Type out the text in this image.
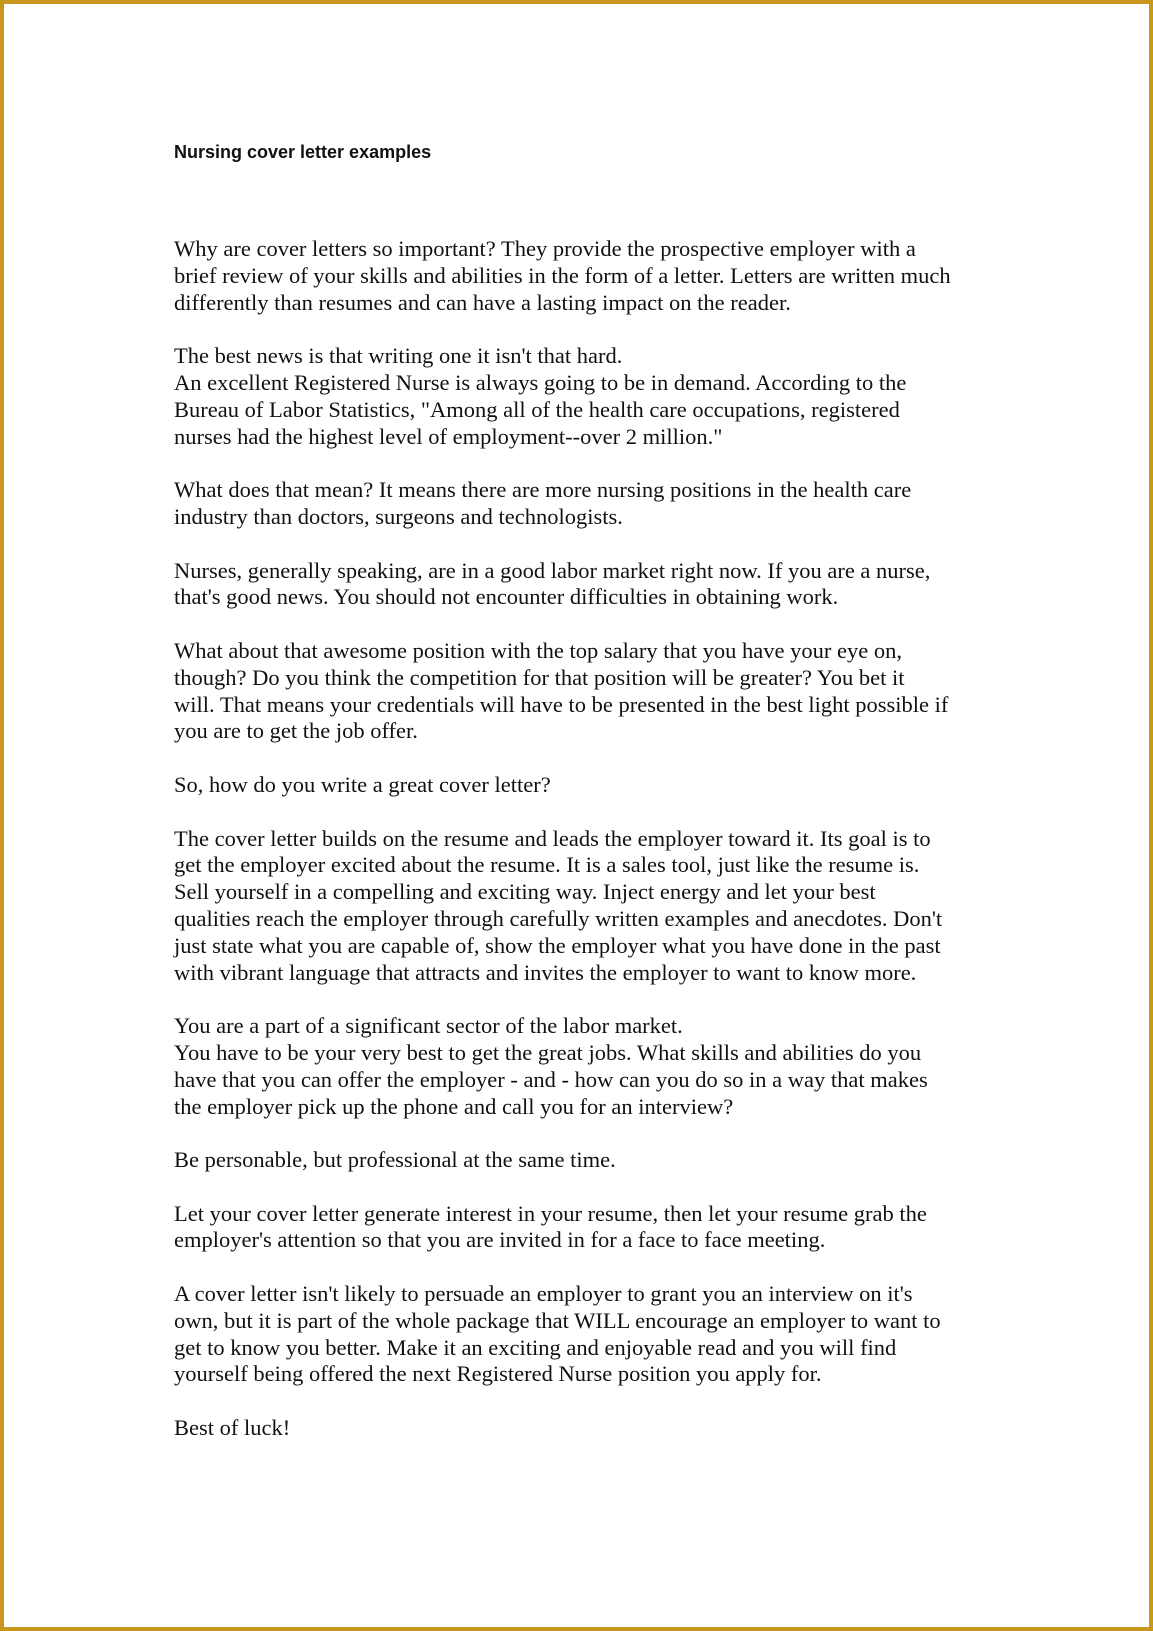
Nursing cover letter examples
Why are cover letters so important? They provide the prospective employer with a
brief review of your skills and abilities in the form of a letter. Letters are written much
differently than resumes and can have a lasting impact on the reader.
The best news is that writing one it isn't that hard.
An excellent Registered Nurse is always going to be in demand. According to the
Bureau of Labor Statistics, "Among all of the health care occupations, registered
nurses had the highest level of employment--over 2 million."
What does that mean? It means there are more nursing positions in the health care
industry than doctors, surgeons and technologists.
Nurses, generally speaking, are in a good labor market right now. If you are a nurse,
that's good news. You should not encounter difficulties in obtaining work.
What about that awesome position with the top salary that you have your eye on,
though? Do you think the competition for that position will be greater? You bet it
will. That means your credentials will have to be presented in the best light possible if
you are to get the job offer.
So, how do you write a great cover letter?
The cover letter builds on the resume and leads the employer toward it. Its goal is to
get the employer excited about the resume. It is a sales tool, just like the resume is.
Sell yourself in a compelling and exciting way. Inject energy and let your best
qualities reach the employer through carefully written examples and anecdotes. Don't
just state what you are capable of, show the employer what you have done in the past
with vibrant language that attracts and invites the employer to want to know more.
You are a part of a significant sector of the labor market.
You have to be your very best to get the great jobs. What skills and abilities do you
have that you can offer the employer - and - how can you do so in a way that makes
the employer pick up the phone and call you for an interview?
Be personable, but professional at the same time.
Let your cover letter generate interest in your resume, then let your resume grab the
employer's attention so that you are invited in for a face to face meeting.
A cover letter isn't likely to persuade an employer to grant you an interview on it's
own, but it is part of the whole package that WILL encourage an employer to want to
get to know you better. Make it an exciting and enjoyable read and you will find
yourself being offered the next Registered Nurse position you apply for.
Best of luck!
